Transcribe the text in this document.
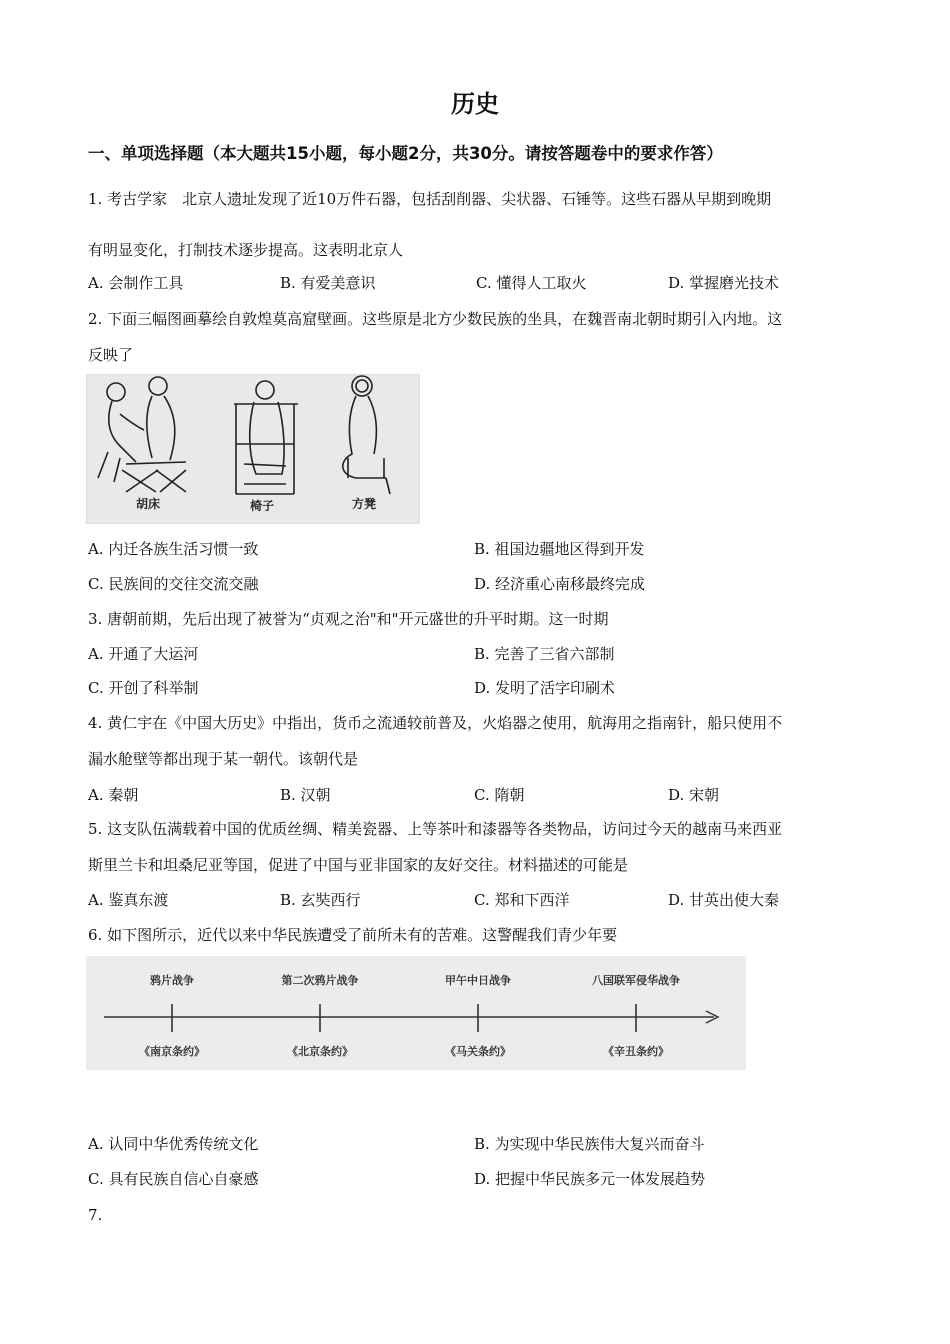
历史
一、单项选择题（本大题共15小题，每小题2分，共30分。请按答题卷中的要求作答）
1. 考古学家　北京人遗址发现了近10万件石器，包括刮削器、尖状器、石锤等。这些石器从早期到晚期
有明显变化，打制技术逐步提高。这表明北京人
A. 会制作工具	B. 有爱美意识	C. 懂得人工取火	D. 掌握磨光技术
2. 下面三幅图画摹绘自敦煌莫高窟壁画。这些原是北方少数民族的坐具，在魏晋南北朝时期引入内地。这
反映了
胡床	椅子	方凳
A. 内迁各族生活习惯一致	B. 祖国边疆地区得到开发
C. 民族间的交往交流交融	D. 经济重心南移最终完成
3. 唐朝前期，先后出现了被誉为“贞观之治"和"开元盛世的升平时期。这一时期
A. 开通了大运河	B. 完善了三省六部制
C. 开创了科举制	D. 发明了活字印刷术
4. 黄仁宇在《中国大历史》中指出，货币之流通较前普及，火焰器之使用，航海用之指南针，船只使用不
漏水舱壁等都出现于某一朝代。该朝代是
A. 秦朝	B. 汉朝	C. 隋朝	D. 宋朝
5. 这支队伍满载着中国的优质丝绸、精美瓷器、上等茶叶和漆器等各类物品，访问过今天的越南马来西亚
斯里兰卡和坦桑尼亚等国，促进了中国与亚非国家的友好交往。材料描述的可能是
A. 鉴真东渡	B. 玄奘西行	C. 郑和下西洋	D. 甘英出使大秦
6. 如下图所示，近代以来中华民族遭受了前所未有的苦难。这警醒我们青少年要
鸦片战争	第二次鸦片战争	甲午中日战争	八国联军侵华战争
《南京条约》	《北京条约》	《马关条约》	《辛丑条约》
A. 认同中华优秀传统文化	B. 为实现中华民族伟大复兴而奋斗
C. 具有民族自信心自豪感	D. 把握中华民族多元一体发展趋势
7.
